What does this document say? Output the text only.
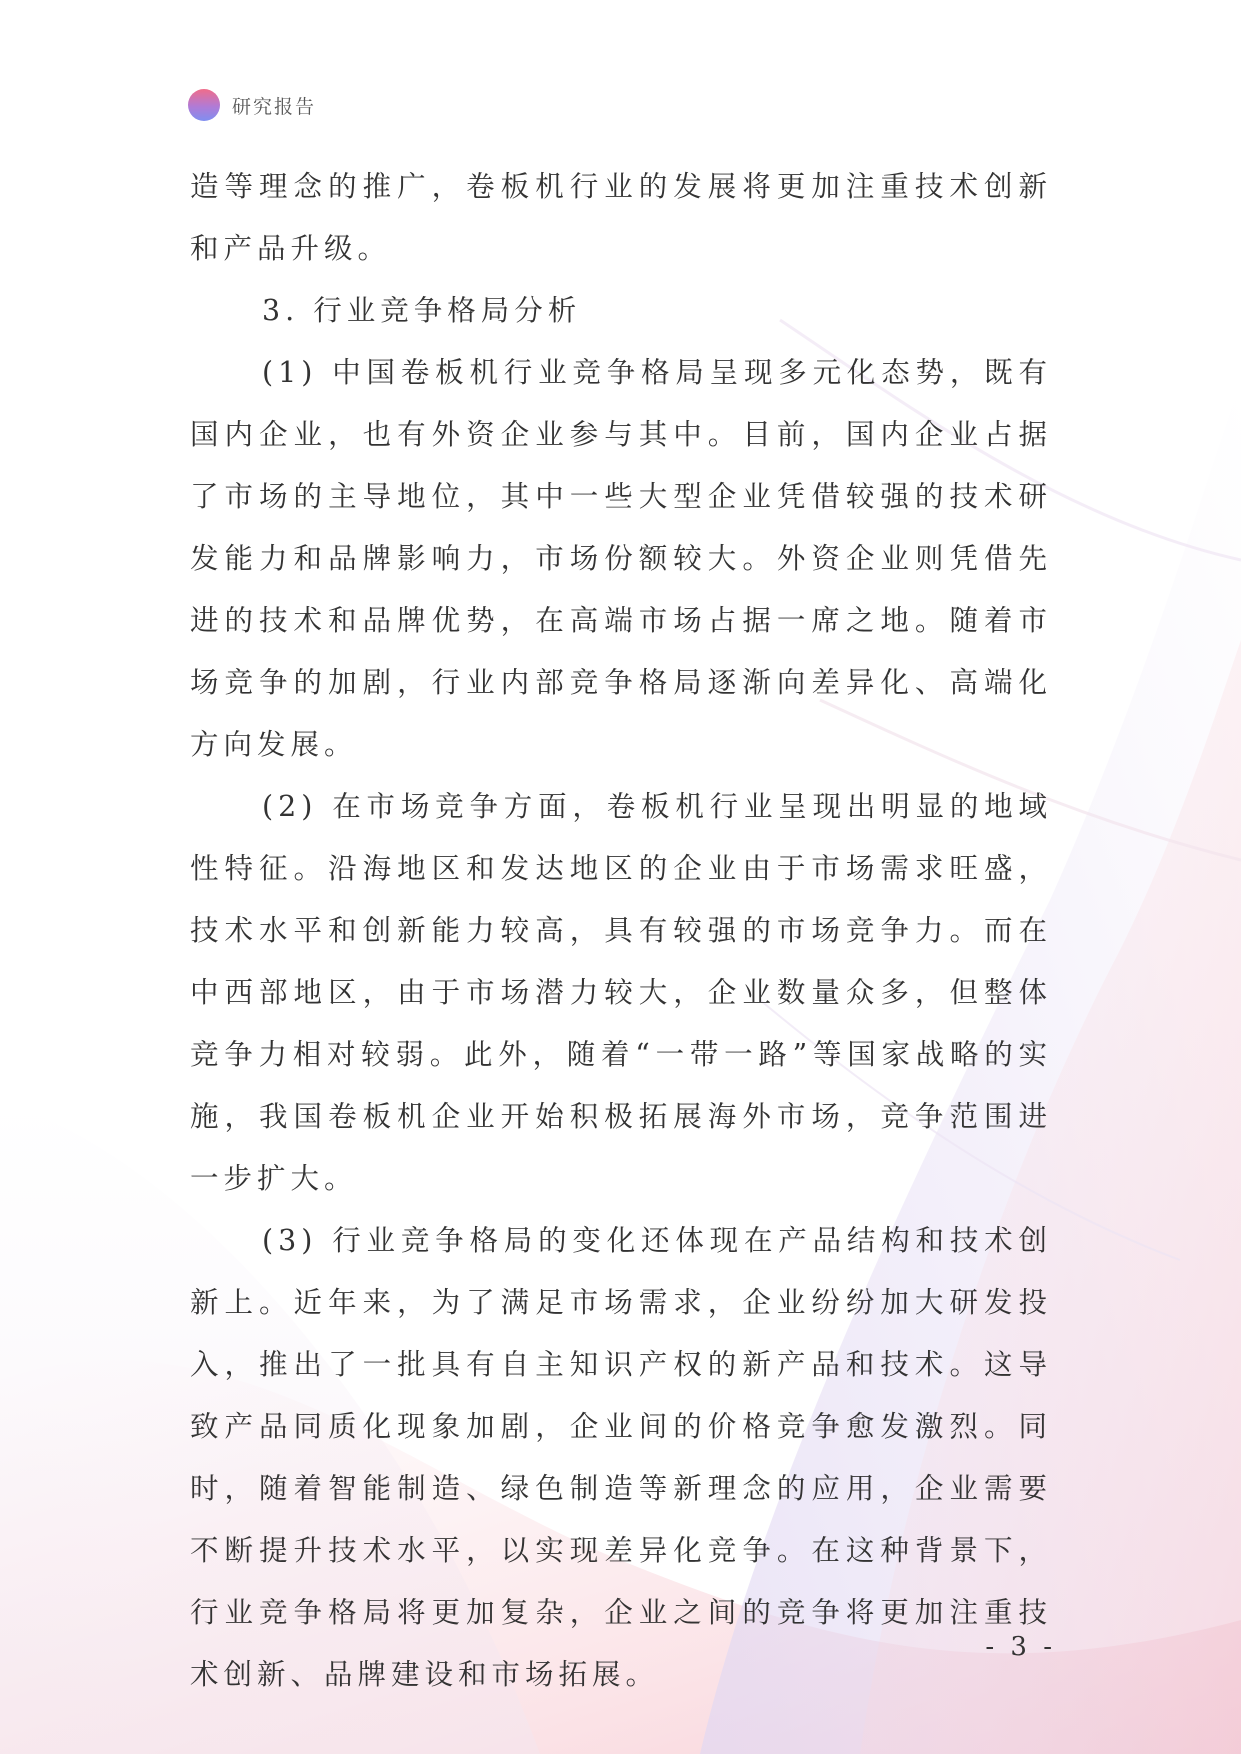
研究报告

造等理念的推广，卷板机行业的发展将更加注重技术创新和产品升级。

3. 行业竞争格局分析

(1) 中国卷板机行业竞争格局呈现多元化态势，既有国内企业，也有外资企业参与其中。目前，国内企业占据了市场的主导地位，其中一些大型企业凭借较强的技术研发能力和品牌影响力，市场份额较大。外资企业则凭借先进的技术和品牌优势，在高端市场占据一席之地。随着市场竞争的加剧，行业内部竞争格局逐渐向差异化、高端化方向发展。

(2) 在市场竞争方面，卷板机行业呈现出明显的地域性特征。沿海地区和发达地区的企业由于市场需求旺盛，技术水平和创新能力较高，具有较强的市场竞争力。而在中西部地区，由于市场潜力较大，企业数量众多，但整体竞争力相对较弱。此外，随着“一带一路”等国家战略的实施，我国卷板机企业开始积极拓展海外市场，竞争范围进一步扩大。

(3) 行业竞争格局的变化还体现在产品结构和技术创新上。近年来，为了满足市场需求，企业纷纷加大研发投入，推出了一批具有自主知识产权的新产品和技术。这导致产品同质化现象加剧，企业间的价格竞争愈发激烈。同时，随着智能制造、绿色制造等新理念的应用，企业需要不断提升技术水平，以实现差异化竞争。在这种背景下，行业竞争格局将更加复杂，企业之间的竞争将更加注重技术创新、品牌建设和市场拓展。

- 3 -
